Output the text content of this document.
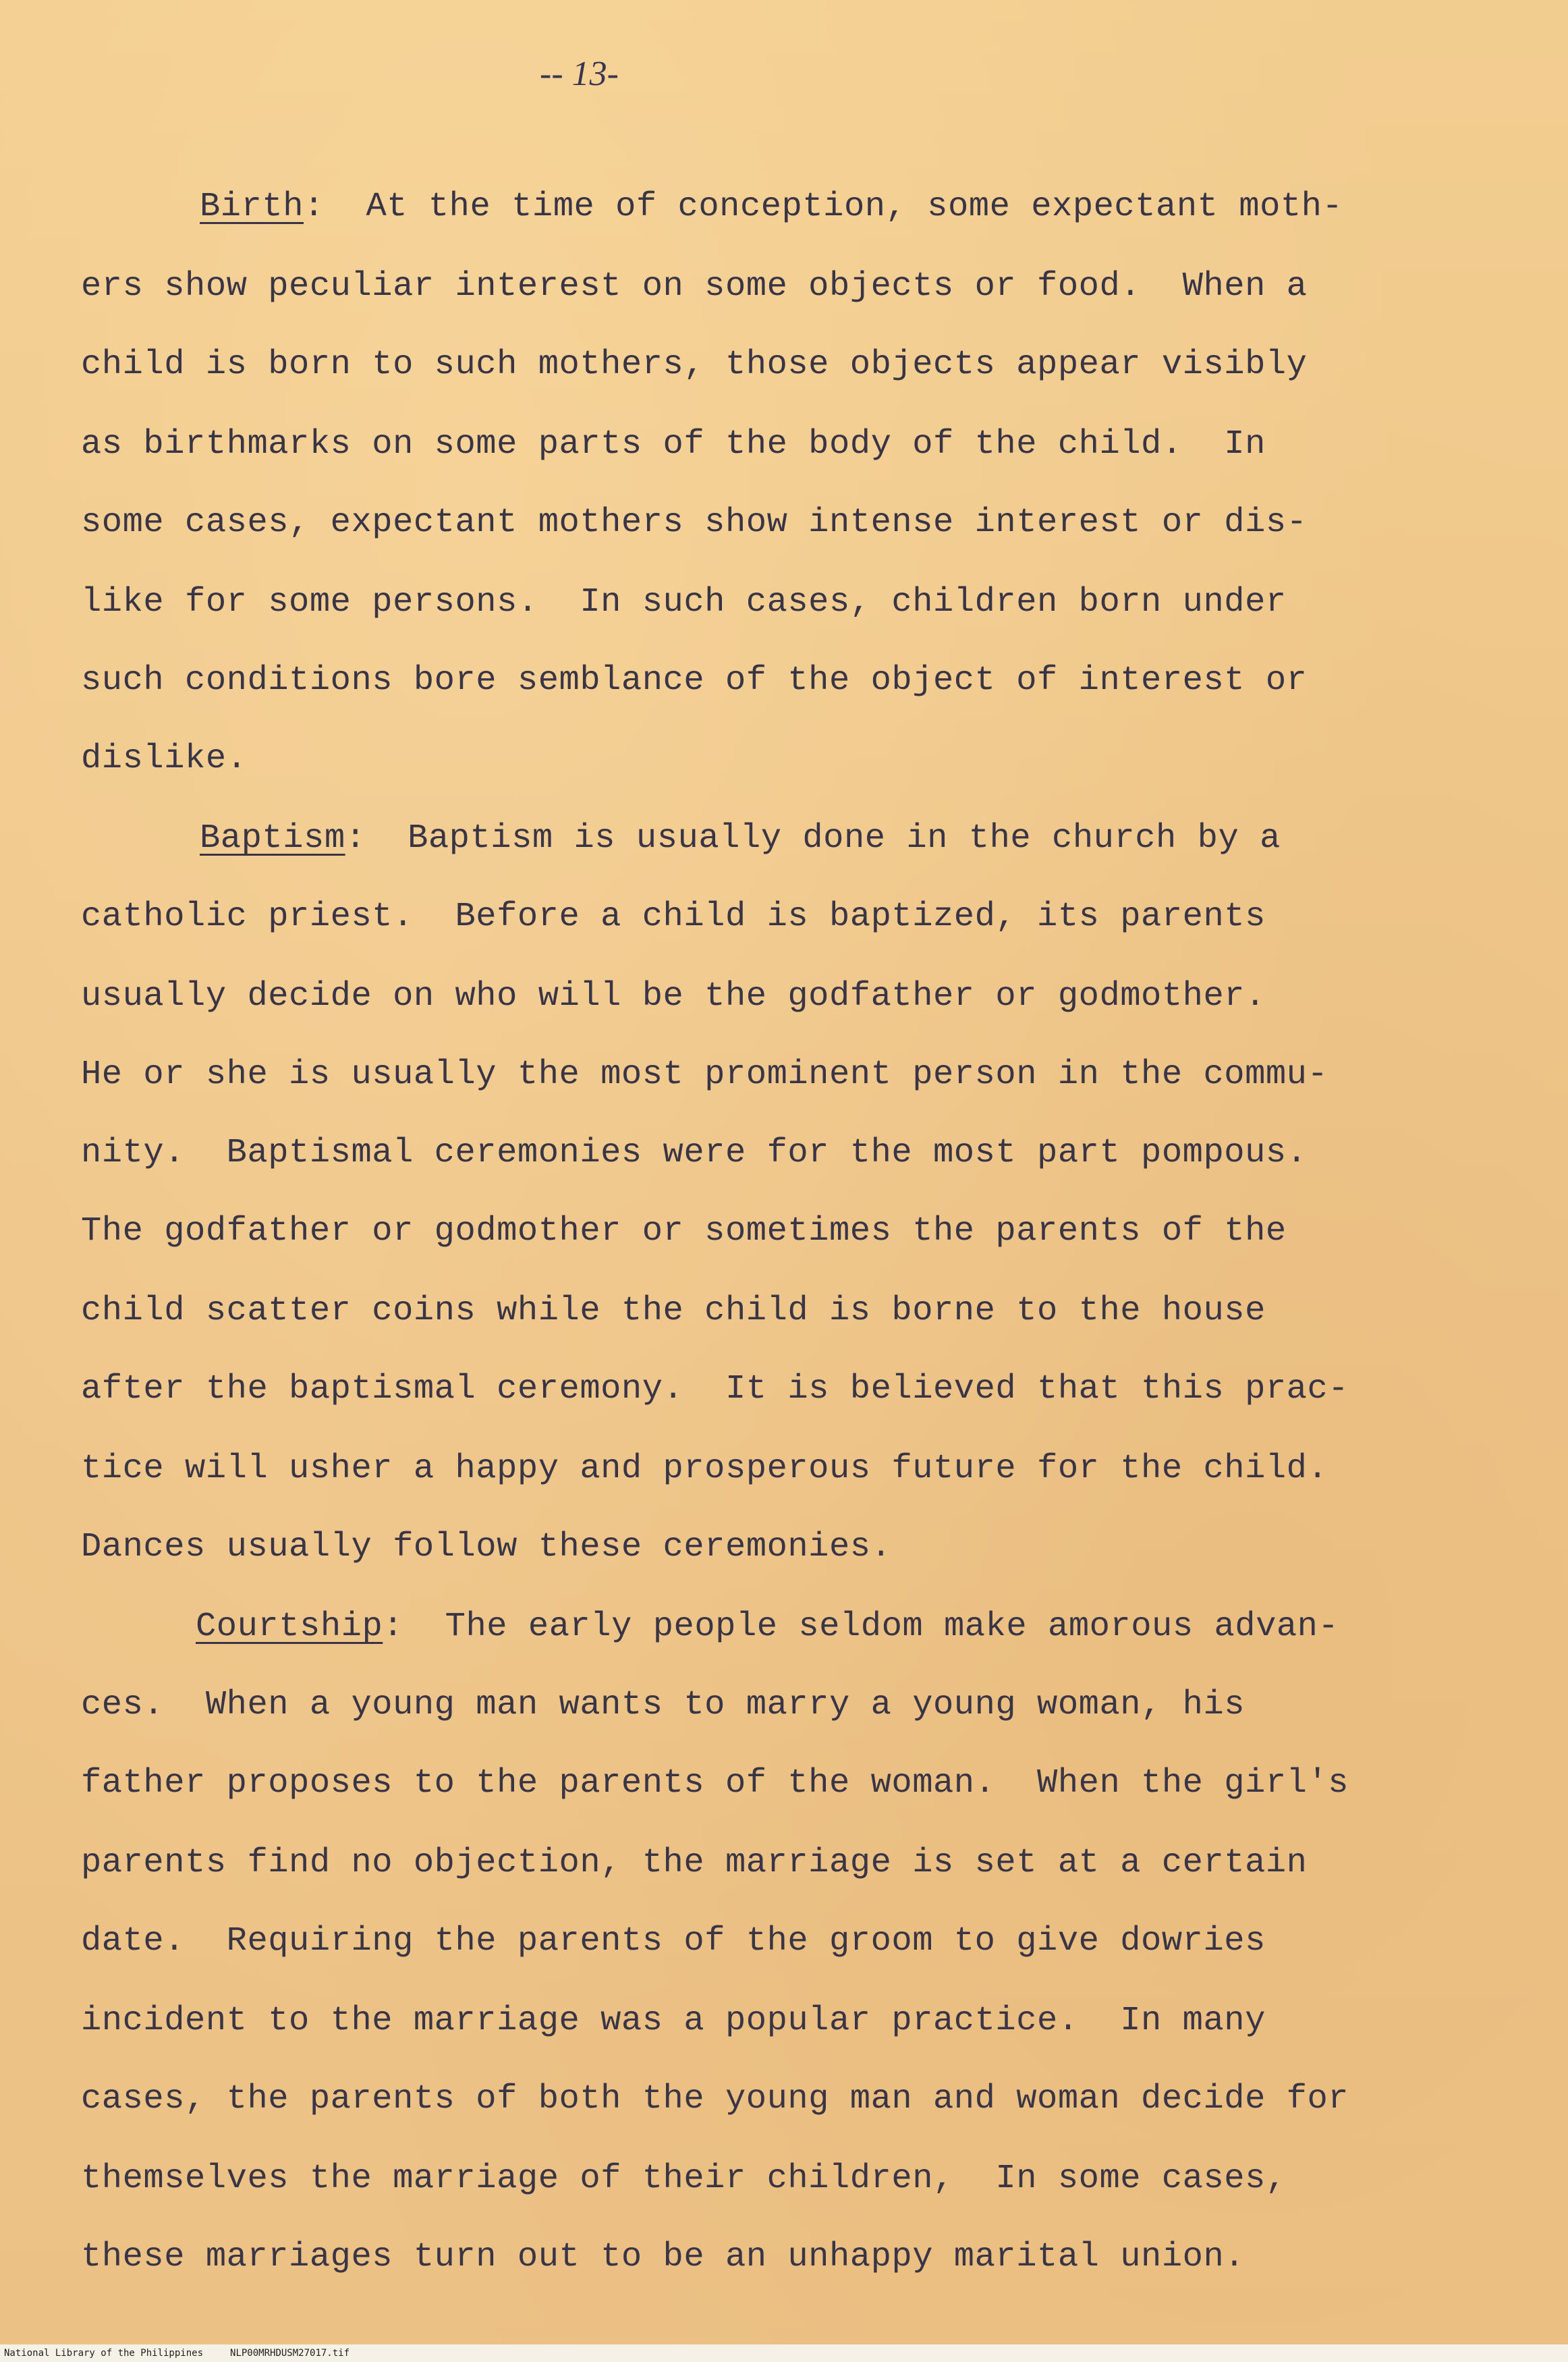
-- 13-
Birth:  At the time of conception, some expectant moth-
ers show peculiar interest on some objects or food.  When a
child is born to such mothers, those objects appear visibly
as birthmarks on some parts of the body of the child.  In
some cases, expectant mothers show intense interest or dis-
like for some persons.  In such cases, children born under
such conditions bore semblance of the object of interest or
dislike.
Baptism:  Baptism is usually done in the church by a
catholic priest.  Before a child is baptized, its parents
usually decide on who will be the godfather or godmother.
He or she is usually the most prominent person in the commu-
nity.  Baptismal ceremonies were for the most part pompous.
The godfather or godmother or sometimes the parents of the
child scatter coins while the child is borne to the house
after the baptismal ceremony.  It is believed that this prac-
tice will usher a happy and prosperous future for the child.
Dances usually follow these ceremonies.
Courtship:  The early people seldom make amorous advan-
ces.  When a young man wants to marry a young woman, his
father proposes to the parents of the woman.  When the girl's
parents find no objection, the marriage is set at a certain
date.  Requiring the parents of the groom to give dowries
incident to the marriage was a popular practice.  In many
cases, the parents of both the young man and woman decide for
themselves the marriage of their children,  In some cases,
these marriages turn out to be an unhappy marital union.
National Library of the Philippines	NLP00MRHDUSM27017.tif
